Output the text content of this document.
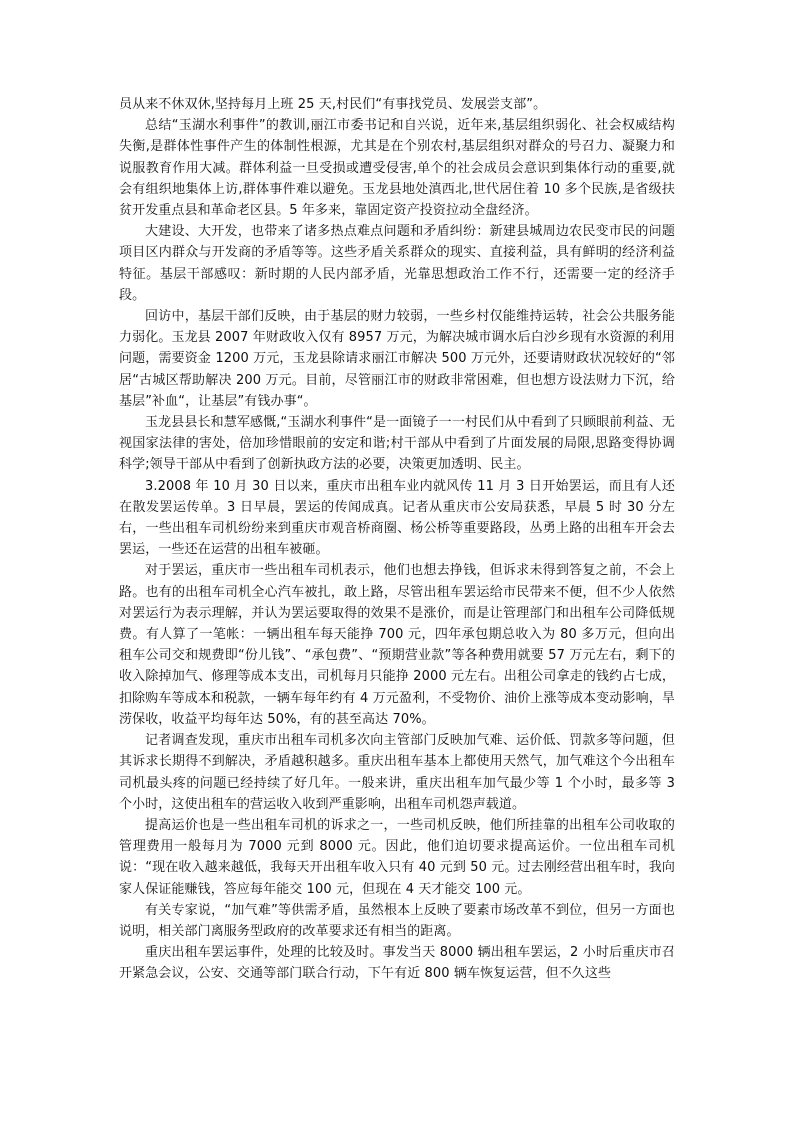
员从来不休双休,坚持每月上班 25 天,村民们“有事找党员、发展尝支部”。

总结“玉湖水利事件”的教训,丽江市委书记和自兴说，近年来,基层组织弱化、社会权威结构失衡,是群体性事件产生的体制性根源，尤其是在个别农村,基层组织对群众的号召力、凝聚力和说服教育作用大减。群体利益一旦受损或遭受侵害,单个的社会成员会意识到集体行动的重要,就会有组织地集体上访,群体事件难以避免。玉龙县地处滇西北,世代居住着 10 多个民族,是省级扶贫开发重点县和革命老区县。5 年多来，靠固定资产投资拉动全盘经济。

大建设、大开发，也带来了诸多热点难点问题和矛盾纠纷：新建县城周边农民变市民的问题项目区内群众与开发商的矛盾等等。这些矛盾关系群众的现实、直接利益，具有鲜明的经济利益特征。基层干部感叹：新时期的人民内部矛盾，光靠思想政治工作不行，还需要一定的经济手段。

回访中，基层干部们反映，由于基层的财力较弱，一些乡村仅能维持运转，社会公共服务能力弱化。玉龙县 2007 年财政收入仅有 8957 万元，为解决城市调水后白沙乡现有水资源的利用问题，需要资金 1200 万元，玉龙县除请求丽江市解决 500 万元外，还要请财政状况较好的“邻居“古城区帮助解决 200 万元。目前，尽管丽江市的财政非常困难，但也想方设法财力下沉，给基层”补血“，让基层”有钱办事“。

玉龙县县长和慧军感慨,“玉湖水利事件“是一面镜子一一村民们从中看到了只顾眼前利益、无视国家法律的害处，倍加珍惜眼前的安定和谐;村干部从中看到了片面发展的局限,思路变得协调科学;领导干部从中看到了创新执政方法的必要，决策更加透明、民主。

3.2008 年 10 月 30 日以来，重庆市出租车业内就风传 11 月 3 日开始罢运，而且有人还在散发罢运传单。3 日早晨，罢运的传闻成真。记者从重庆市公安局获悉，早晨 5 时 30 分左右，一些出租车司机纷纷来到重庆市观音桥商圈、杨公桥等重要路段，丛勇上路的出租车开会去罢运，一些还在运营的出租车被砸。

对于罢运，重庆市一些出租车司机表示，他们也想去挣钱，但诉求未得到答复之前，不会上路。也有的出租车司机全心汽车被扎，敢上路，尽管出租车罢运给市民带来不便，但不少人依然对罢运行为表示理解，并认为罢运要取得的效果不是涨价，而是让管理部门和出租车公司降低规费。有人算了一笔帐：一辆出租车每天能挣 700 元，四年承包期总收入为 80 多万元，但向出租车公司交和规费即“份儿钱”、“承包费”、“预期营业款”等各种费用就要 57 万元左右，剩下的收入除掉加气、修理等成本支出，司机每月只能挣 2000 元左右。出租公司拿走的钱约占七成，扣除购车等成本和税款，一辆车每年约有 4 万元盈利，不受物价、油价上涨等成本变动影响，旱涝保收，收益平均每年达 50%，有的甚至高达 70%。

记者调查发现，重庆市出租车司机多次向主管部门反映加气难、运价低、罚款多等问题，但其诉求长期得不到解决，矛盾越积越多。重庆出租车基本上都使用天然气，加气难这个今出租车司机最头疼的问题已经持续了好几年。一般来讲，重庆出租车加气最少等 1 个小时，最多等 3 个小时，这使出租车的营运收入收到严重影响，出租车司机怨声载道。

提高运价也是一些出租车司机的诉求之一，一些司机反映，他们所挂靠的出租车公司收取的管理费用一般每月为 7000 元到 8000 元。因此，他们迫切要求提高运价。一位出租车司机说：“现在收入越来越低，我每天开出租车收入只有 40 元到 50 元。过去刚经营出租车时，我向家人保证能赚钱，答应每年能交 100 元，但现在 4 天才能交 100 元。

有关专家说，“加气难”等供需矛盾，虽然根本上反映了要素市场改革不到位，但另一方面也说明，相关部门离服务型政府的改革要求还有相当的距离。

重庆出租车罢运事件，处理的比较及时。事发当天 8000 辆出租车罢运，2 小时后重庆市召开紧急会议，公安、交通等部门联合行动，下午有近 800 辆车恢复运营，但不久这些
